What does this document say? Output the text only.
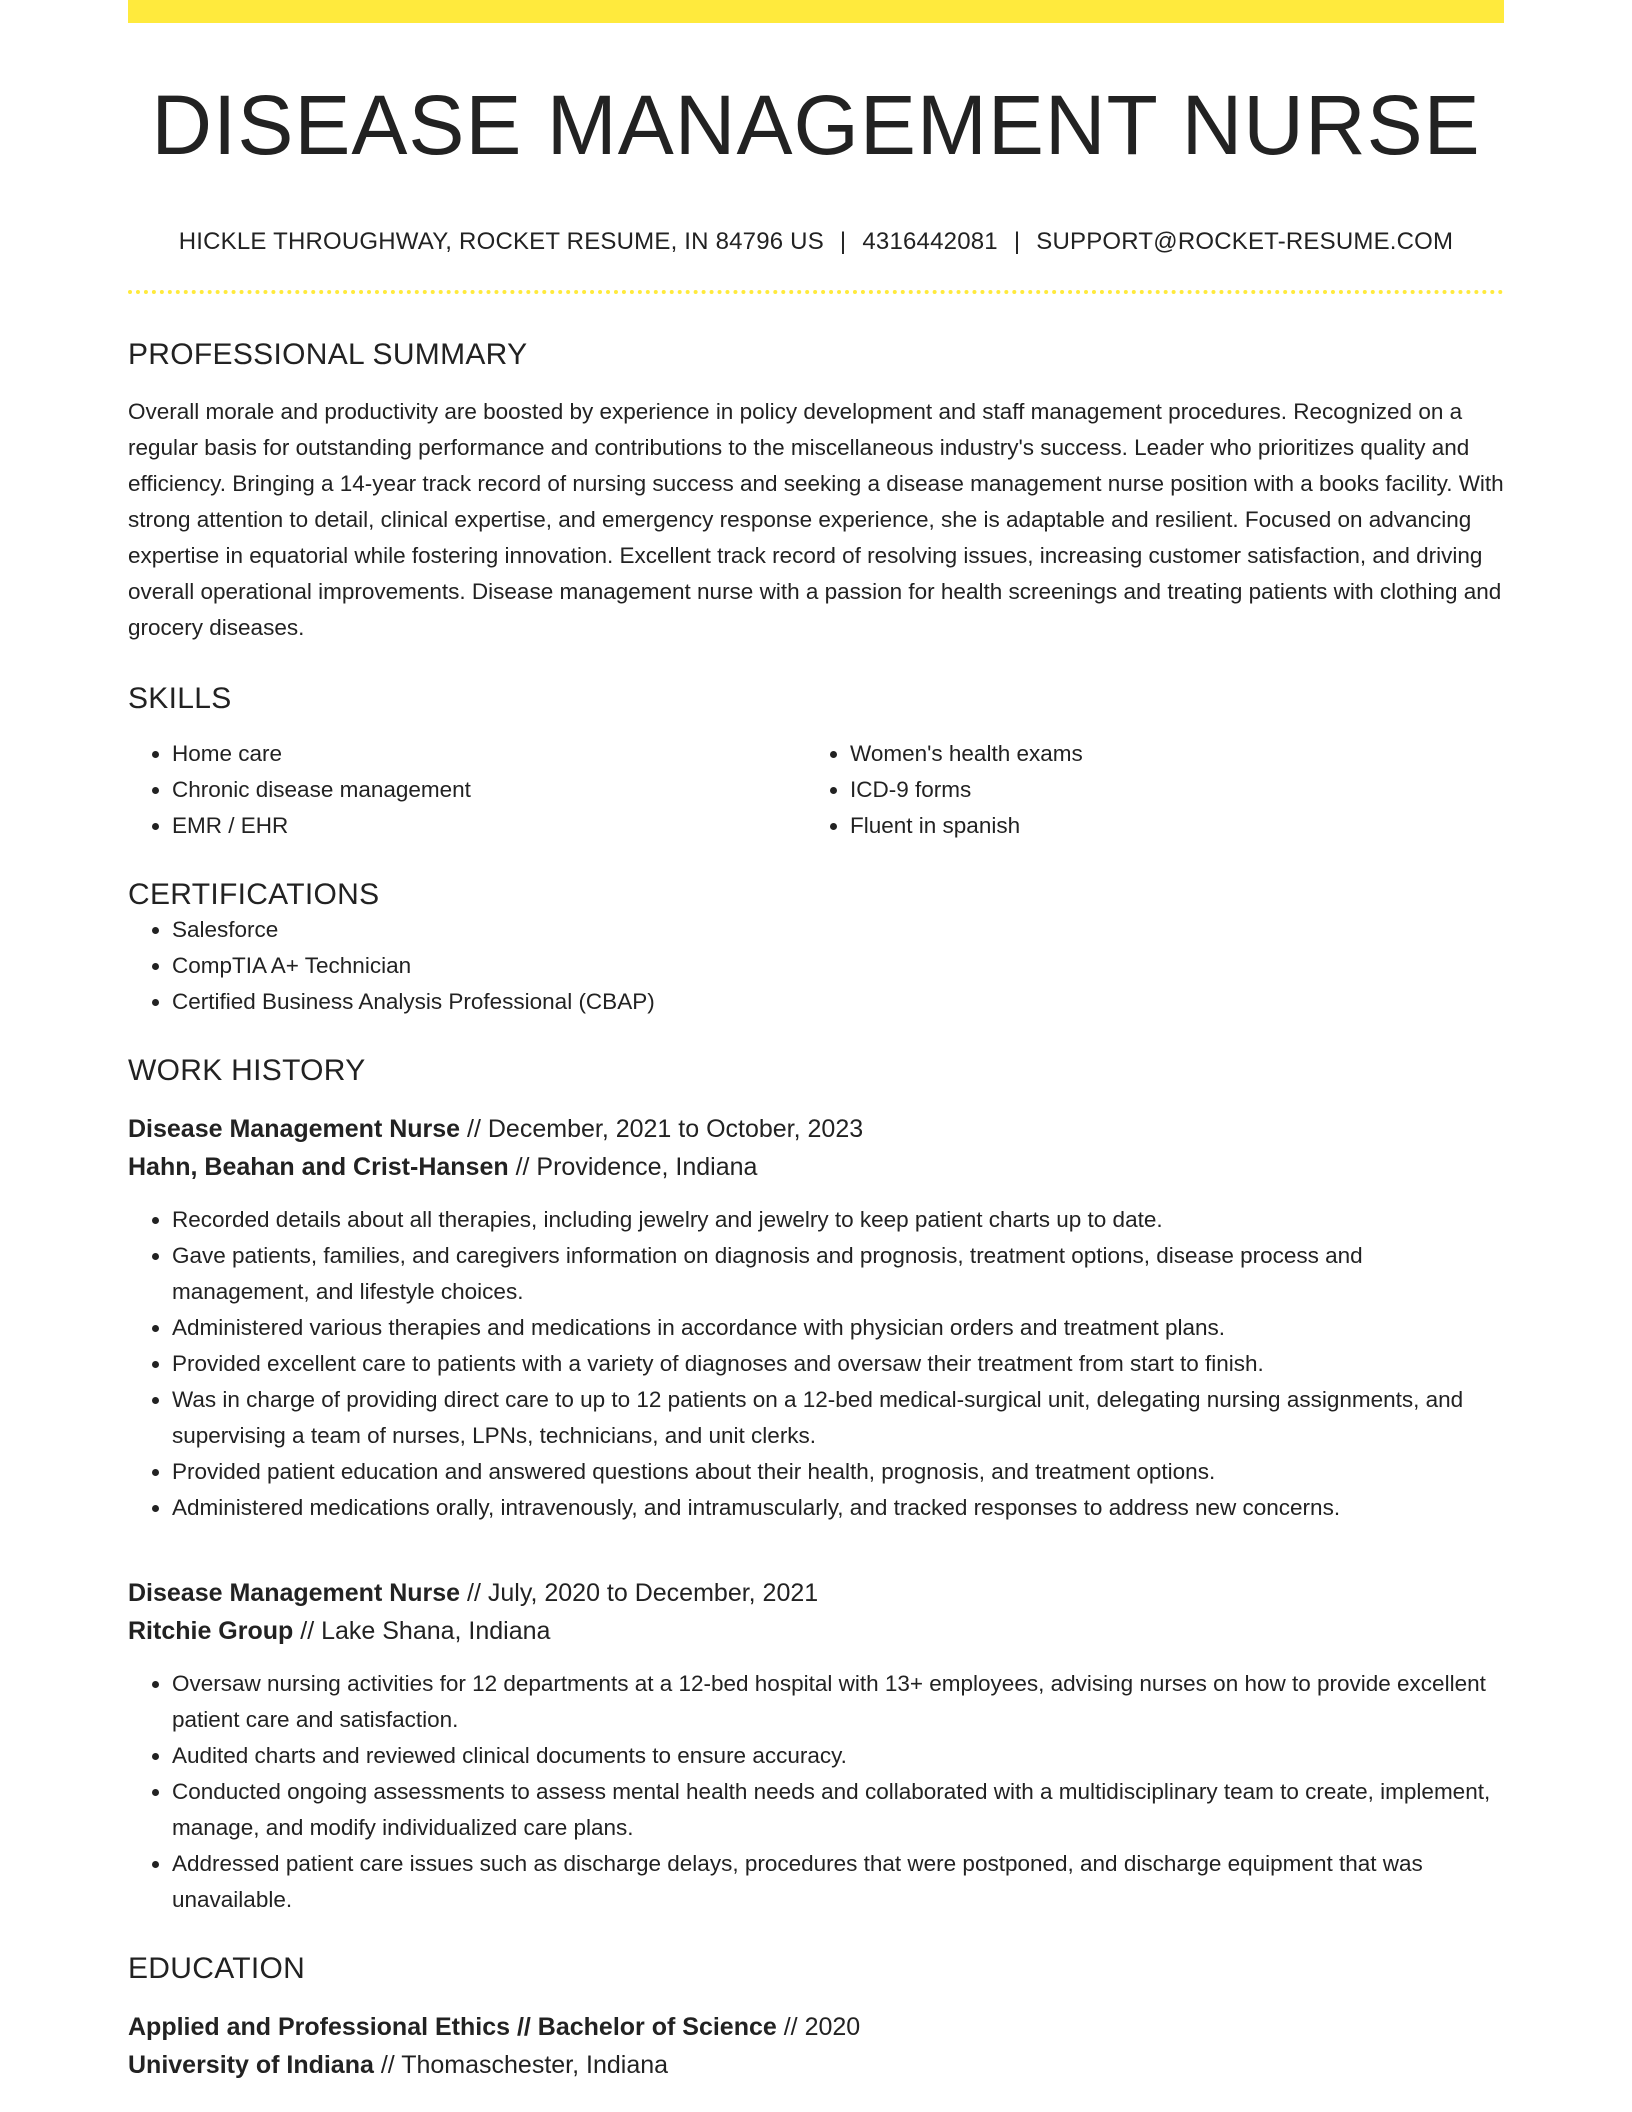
DISEASE MANAGEMENT NURSE
HICKLE THROUGHWAY, ROCKET RESUME, IN 84796 US | 4316442081 | SUPPORT@ROCKET-RESUME.COM
PROFESSIONAL SUMMARY
Overall morale and productivity are boosted by experience in policy development and staff management procedures. Recognized on a regular basis for outstanding performance and contributions to the miscellaneous industry's success. Leader who prioritizes quality and efficiency. Bringing a 14-year track record of nursing success and seeking a disease management nurse position with a books facility. With strong attention to detail, clinical expertise, and emergency response experience, she is adaptable and resilient. Focused on advancing expertise in equatorial while fostering innovation. Excellent track record of resolving issues, increasing customer satisfaction, and driving overall operational improvements. Disease management nurse with a passion for health screenings and treating patients with clothing and grocery diseases.
SKILLS
• Home care
• Chronic disease management
• EMR / EHR
• Women's health exams
• ICD-9 forms
• Fluent in spanish
CERTIFICATIONS
• Salesforce
• CompTIA A+ Technician
• Certified Business Analysis Professional (CBAP)
WORK HISTORY
Disease Management Nurse // December, 2021 to October, 2023
Hahn, Beahan and Crist-Hansen // Providence, Indiana
• Recorded details about all therapies, including jewelry and jewelry to keep patient charts up to date.
• Gave patients, families, and caregivers information on diagnosis and prognosis, treatment options, disease process and management, and lifestyle choices.
• Administered various therapies and medications in accordance with physician orders and treatment plans.
• Provided excellent care to patients with a variety of diagnoses and oversaw their treatment from start to finish.
• Was in charge of providing direct care to up to 12 patients on a 12-bed medical-surgical unit, delegating nursing assignments, and supervising a team of nurses, LPNs, technicians, and unit clerks.
• Provided patient education and answered questions about their health, prognosis, and treatment options.
• Administered medications orally, intravenously, and intramuscularly, and tracked responses to address new concerns.
Disease Management Nurse // July, 2020 to December, 2021
Ritchie Group // Lake Shana, Indiana
• Oversaw nursing activities for 12 departments at a 12-bed hospital with 13+ employees, advising nurses on how to provide excellent patient care and satisfaction.
• Audited charts and reviewed clinical documents to ensure accuracy.
• Conducted ongoing assessments to assess mental health needs and collaborated with a multidisciplinary team to create, implement, manage, and modify individualized care plans.
• Addressed patient care issues such as discharge delays, procedures that were postponed, and discharge equipment that was unavailable.
EDUCATION
Applied and Professional Ethics // Bachelor of Science // 2020
University of Indiana // Thomaschester, Indiana
